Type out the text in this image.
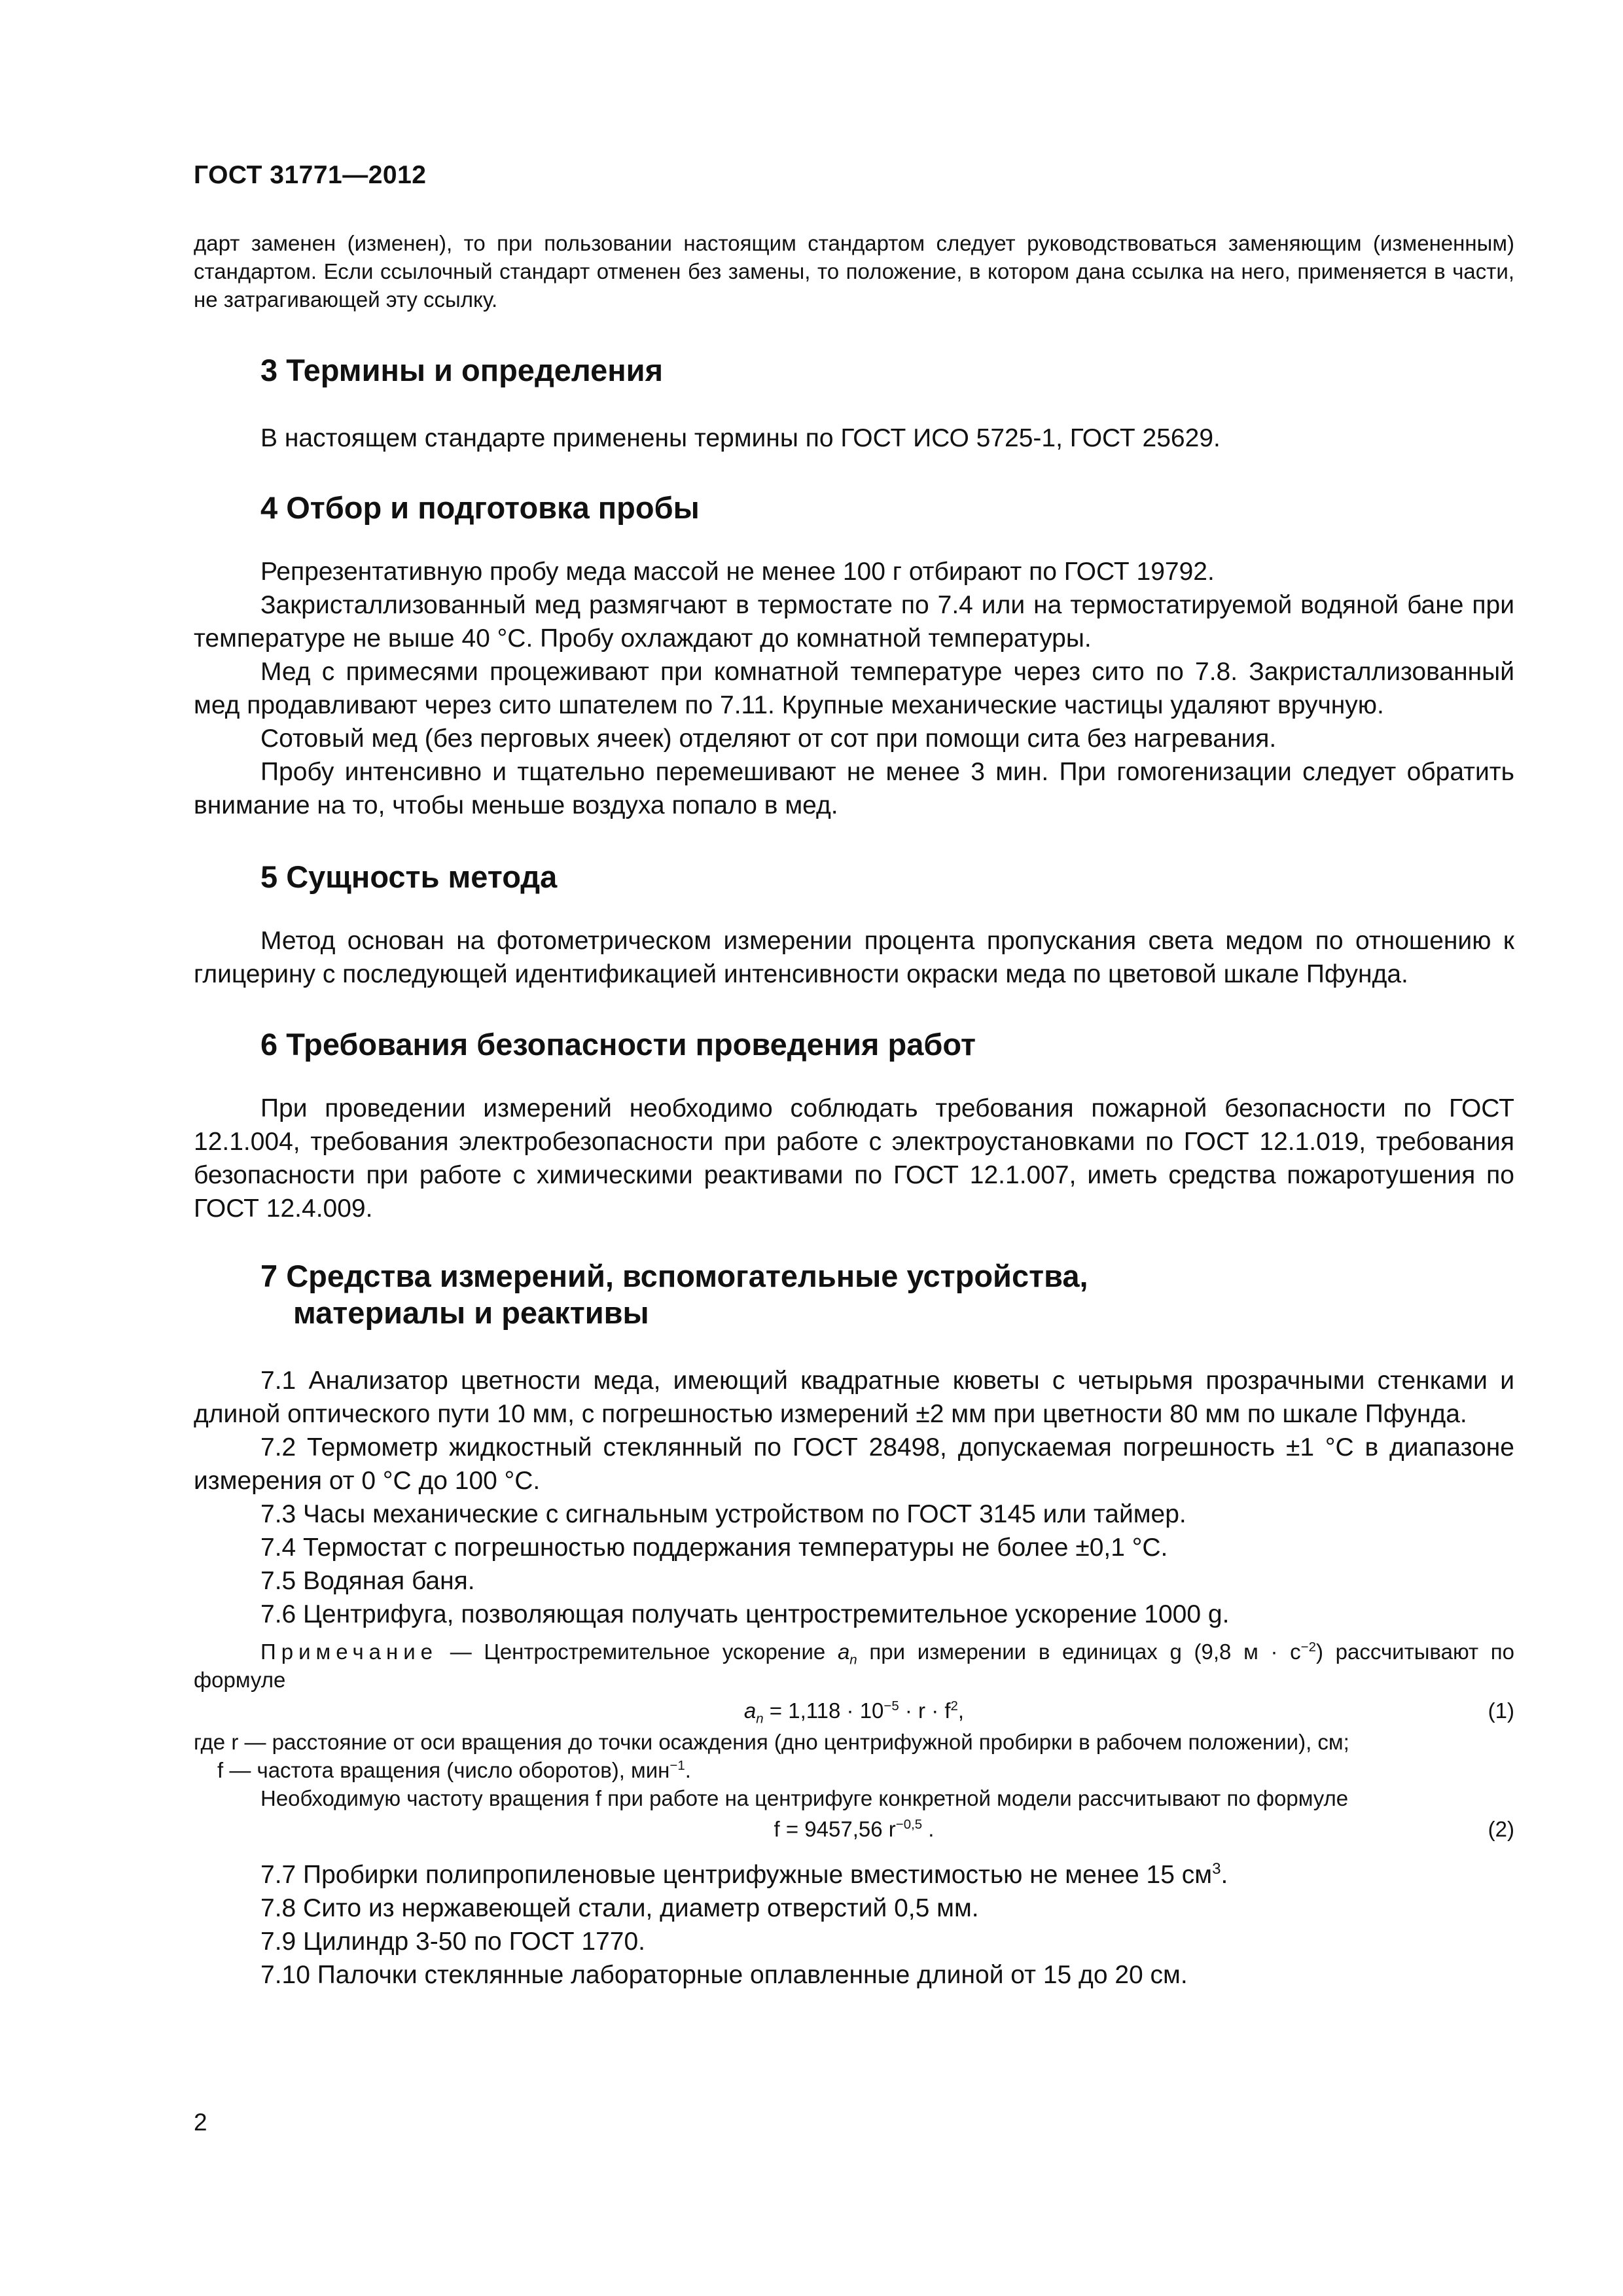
ГОСТ 31771—2012

дарт заменен (изменен), то при пользовании настоящим стандартом следует руководствоваться заменяющим (измененным) стандартом. Если ссылочный стандарт отменен без замены, то положение, в котором дана ссылка на него, применяется в части, не затрагивающей эту ссылку.

3 Термины и определения

В настоящем стандарте применены термины по ГОСТ ИСО 5725-1, ГОСТ 25629.

4 Отбор и подготовка пробы

Репрезентативную пробу меда массой не менее 100 г отбирают по ГОСТ 19792.

Закристаллизованный мед размягчают в термостате по 7.4 или на термостатируемой водяной бане при температуре не выше 40 °С. Пробу охлаждают до комнатной температуры.

Мед с примесями процеживают при комнатной температуре через сито по 7.8. Закристаллизованный мед продавливают через сито шпателем по 7.11. Крупные механические частицы удаляют вручную.

Сотовый мед (без перговых ячеек) отделяют от сот при помощи сита без нагревания.

Пробу интенсивно и тщательно перемешивают не менее 3 мин. При гомогенизации следует обратить внимание на то, чтобы меньше воздуха попало в мед.

5 Сущность метода

Метод основан на фотометрическом измерении процента пропускания света медом по отношению к глицерину с последующей идентификацией интенсивности окраски меда по цветовой шкале Пфунда.

6 Требования безопасности проведения работ

При проведении измерений необходимо соблюдать требования пожарной безопасности по ГОСТ 12.1.004, требования электробезопасности при работе с электроустановками по ГОСТ 12.1.019, требования безопасности при работе с химическими реактивами по ГОСТ 12.1.007, иметь средства пожаротушения по ГОСТ 12.4.009.

7 Средства измерений, вспомогательные устройства,
материалы и реактивы

7.1 Анализатор цветности меда, имеющий квадратные кюветы с четырьмя прозрачными стенками и длиной оптического пути 10 мм, с погрешностью измерений ±2 мм при цветности 80 мм по шкале Пфунда.

7.2 Термометр жидкостный стеклянный по ГОСТ 28498, допускаемая погрешность ±1 °С в диапазоне измерения от 0 °С до 100 °С.

7.3 Часы механические с сигнальным устройством по ГОСТ 3145 или таймер.

7.4 Термостат с погрешностью поддержания температуры не более ±0,1 °С.

7.5 Водяная баня.

7.6 Центрифуга, позволяющая получать центростремительное ускорение 1000 g.

Примечание — Центростремительное ускорение $a_n$ при измерении в единицах g (9,8 $м \cdot с^{-2}$) рассчитывают по формуле

$a_n = 1,118 \cdot 10^{-5} \cdot r \cdot f^2$,	(1)

где r — расстояние от оси вращения до точки осаждения (дно центрифужной пробирки в рабочем положении), см;

f — частота вращения (число оборотов), мин$^{-1}$.

Необходимую частоту вращения f при работе на центрифуге конкретной модели рассчитывают по формуле

f = 9457,56 $r^{-0,5}$ .	(2)

7.7 Пробирки полипропиленовые центрифужные вместимостью не менее 15 $см^3$.

7.8 Сито из нержавеющей стали, диаметр отверстий 0,5 мм.

7.9 Цилиндр 3-50 по ГОСТ 1770.

7.10 Палочки стеклянные лабораторные оплавленные длиной от 15 до 20 см.

2
